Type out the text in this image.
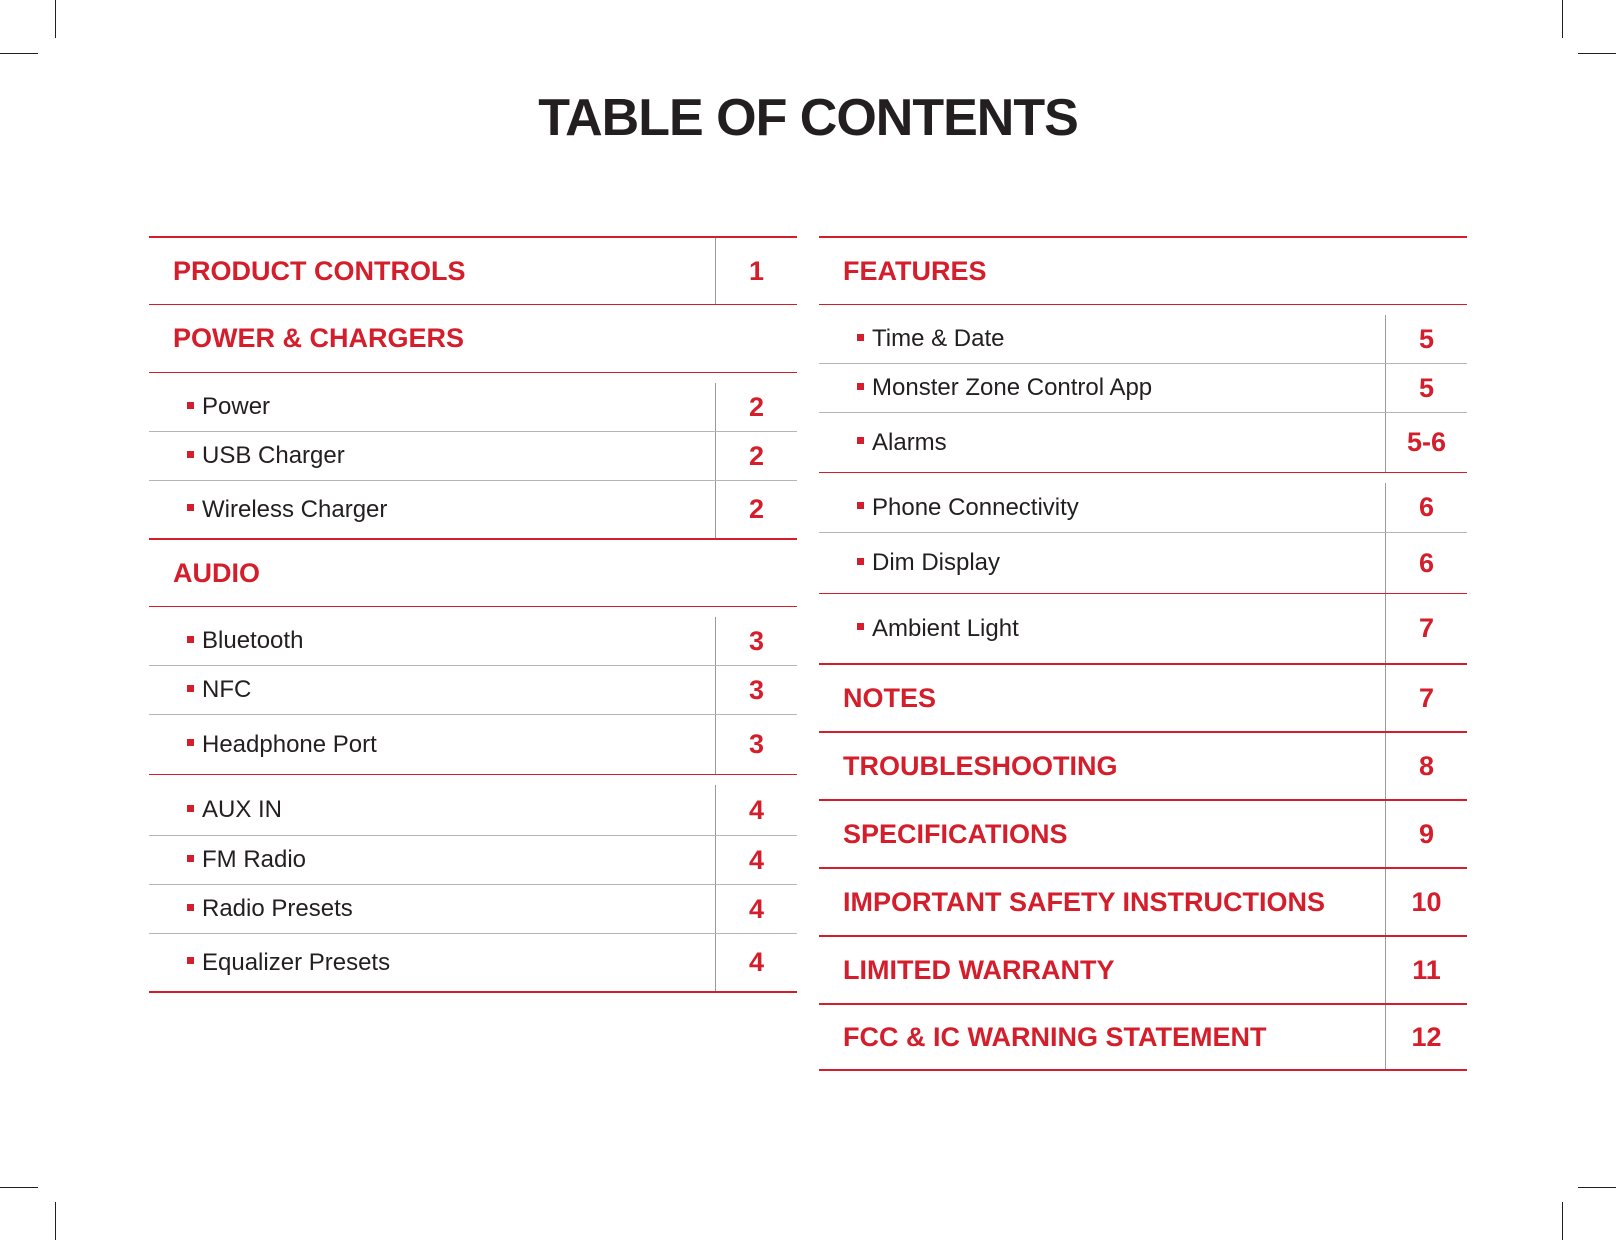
TABLE OF CONTENTS
PRODUCT CONTROLS	1
POWER & CHARGERS
Power	2
USB Charger	2
Wireless Charger	2
AUDIO
Bluetooth	3
NFC	3
Headphone Port	3
AUX IN	4
FM Radio	4
Radio Presets	4
Equalizer Presets	4
FEATURES
Time & Date	5
Monster Zone Control App	5
Alarms	5-6
Phone Connectivity	6
Dim Display	6
Ambient Light	7
NOTES	7
TROUBLESHOOTING	8
SPECIFICATIONS	9
IMPORTANT SAFETY INSTRUCTIONS	10
LIMITED WARRANTY	11
FCC & IC WARNING STATEMENT	12
